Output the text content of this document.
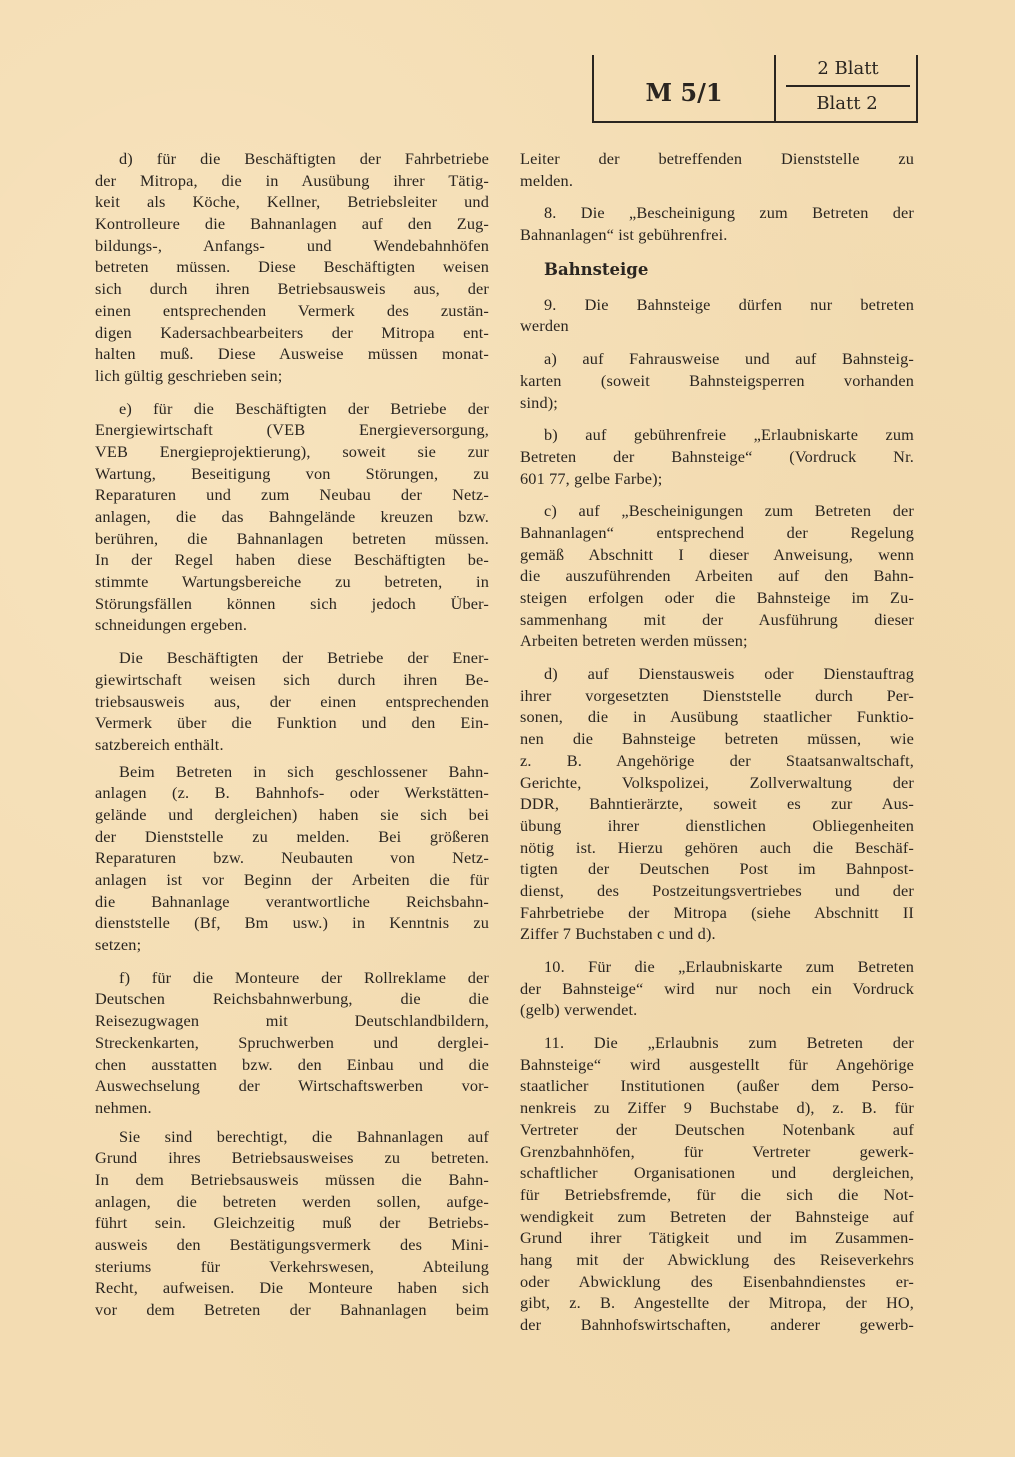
M 5/1
2 Blatt
Blatt 2
d) für die Beschäftigten der Fahrbetriebe
der Mitropa, die in Ausübung ihrer Tätig-
keit als Köche, Kellner, Betriebsleiter und
Kontrolleure die Bahnanlagen auf den Zug-
bildungs-, Anfangs- und Wendebahnhöfen
betreten müssen. Diese Beschäftigten weisen
sich durch ihren Betriebsausweis aus, der
einen entsprechenden Vermerk des zustän-
digen Kadersachbearbeiters der Mitropa ent-
halten muß. Diese Ausweise müssen monat-
lich gültig geschrieben sein;
e) für die Beschäftigten der Betriebe der
Energiewirtschaft (VEB Energieversorgung,
VEB Energieprojektierung), soweit sie zur
Wartung, Beseitigung von Störungen, zu
Reparaturen und zum Neubau der Netz-
anlagen, die das Bahngelände kreuzen bzw.
berühren, die Bahnanlagen betreten müssen.
In der Regel haben diese Beschäftigten be-
stimmte Wartungsbereiche zu betreten, in
Störungsfällen können sich jedoch Über-
schneidungen ergeben.
Die Beschäftigten der Betriebe der Ener-
giewirtschaft weisen sich durch ihren Be-
triebsausweis aus, der einen entsprechenden
Vermerk über die Funktion und den Ein-
satzbereich enthält.
Beim Betreten in sich geschlossener Bahn-
anlagen (z. B. Bahnhofs- oder Werkstätten-
gelände und dergleichen) haben sie sich bei
der Dienststelle zu melden. Bei größeren
Reparaturen bzw. Neubauten von Netz-
anlagen ist vor Beginn der Arbeiten die für
die Bahnanlage verantwortliche Reichsbahn-
dienststelle (Bf, Bm usw.) in Kenntnis zu
setzen;
f) für die Monteure der Rollreklame der
Deutschen Reichsbahnwerbung, die die
Reisezugwagen mit Deutschlandbildern,
Streckenkarten, Spruchwerben und derglei-
chen ausstatten bzw. den Einbau und die
Auswechselung der Wirtschaftswerben vor-
nehmen.
Sie sind berechtigt, die Bahnanlagen auf
Grund ihres Betriebsausweises zu betreten.
In dem Betriebsausweis müssen die Bahn-
anlagen, die betreten werden sollen, aufge-
führt sein. Gleichzeitig muß der Betriebs-
ausweis den Bestätigungsvermerk des Mini-
steriums für Verkehrswesen, Abteilung
Recht, aufweisen. Die Monteure haben sich
vor dem Betreten der Bahnanlagen beim
Leiter der betreffenden Dienststelle zu
melden.
8. Die „Bescheinigung zum Betreten der
Bahnanlagen“ ist gebührenfrei.
Bahnsteige
9. Die Bahnsteige dürfen nur betreten
werden
a) auf Fahrausweise und auf Bahnsteig-
karten (soweit Bahnsteigsperren vorhanden
sind);
b) auf gebührenfreie „Erlaubniskarte zum
Betreten der Bahnsteige“ (Vordruck Nr.
601 77, gelbe Farbe);
c) auf „Bescheinigungen zum Betreten der
Bahnanlagen“ entsprechend der Regelung
gemäß Abschnitt I dieser Anweisung, wenn
die auszuführenden Arbeiten auf den Bahn-
steigen erfolgen oder die Bahnsteige im Zu-
sammenhang mit der Ausführung dieser
Arbeiten betreten werden müssen;
d) auf Dienstausweis oder Dienstauftrag
ihrer vorgesetzten Dienststelle durch Per-
sonen, die in Ausübung staatlicher Funktio-
nen die Bahnsteige betreten müssen, wie
z. B. Angehörige der Staatsanwaltschaft,
Gerichte, Volkspolizei, Zollverwaltung der
DDR, Bahntierärzte, soweit es zur Aus-
übung ihrer dienstlichen Obliegenheiten
nötig ist. Hierzu gehören auch die Beschäf-
tigten der Deutschen Post im Bahnpost-
dienst, des Postzeitungsvertriebes und der
Fahrbetriebe der Mitropa (siehe Abschnitt II
Ziffer 7 Buchstaben c und d).
10. Für die „Erlaubniskarte zum Betreten
der Bahnsteige“ wird nur noch ein Vordruck
(gelb) verwendet.
11. Die „Erlaubnis zum Betreten der
Bahnsteige“ wird ausgestellt für Angehörige
staatlicher Institutionen (außer dem Perso-
nenkreis zu Ziffer 9 Buchstabe d), z. B. für
Vertreter der Deutschen Notenbank auf
Grenzbahnhöfen, für Vertreter gewerk-
schaftlicher Organisationen und dergleichen,
für Betriebsfremde, für die sich die Not-
wendigkeit zum Betreten der Bahnsteige auf
Grund ihrer Tätigkeit und im Zusammen-
hang mit der Abwicklung des Reiseverkehrs
oder Abwicklung des Eisenbahndienstes er-
gibt, z. B. Angestellte der Mitropa, der HO,
der Bahnhofswirtschaften, anderer gewerb-
